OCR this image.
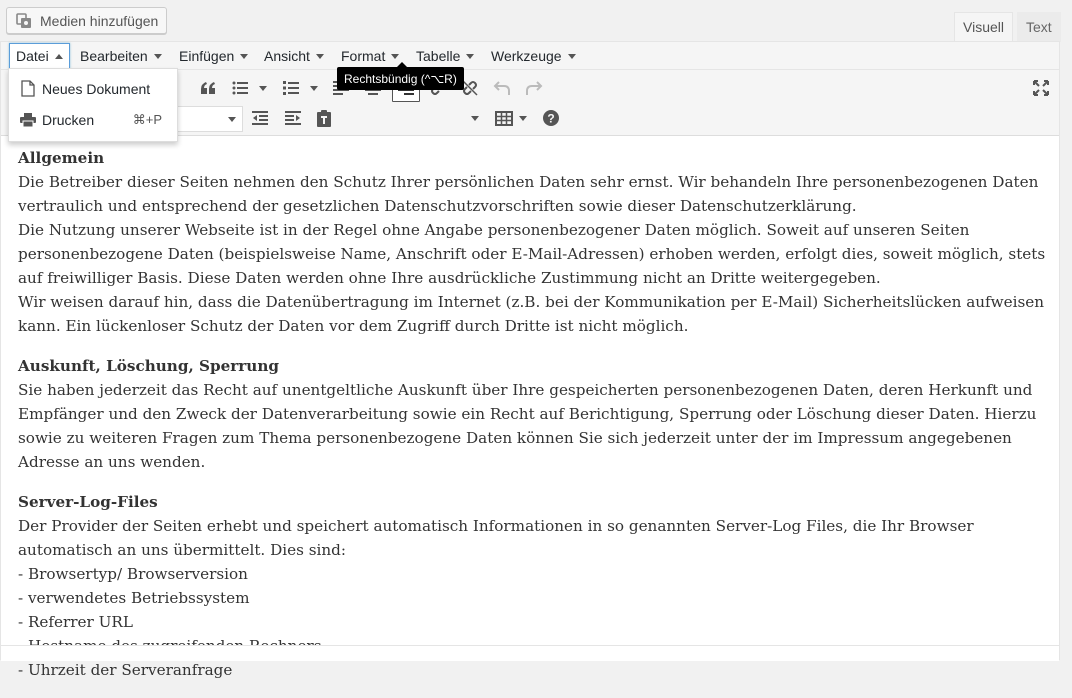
Medien hinzufügen	Visuell	Text
Datei Bearbeiten Einfügen Ansicht Format Tabelle Werkzeuge
?
Allgemein

Die Betreiber dieser Seiten nehmen den Schutz Ihrer persönlichen Daten sehr ernst. Wir behandeln Ihre personenbezogenen Daten vertraulich und entsprechend der gesetzlichen Datenschutzvorschriften sowie dieser Datenschutzerklärung.

Die Nutzung unserer Webseite ist in der Regel ohne Angabe personenbezogener Daten möglich. Soweit auf unseren Seiten personenbezogene Daten (beispielsweise Name, Anschrift oder E-Mail-Adressen) erhoben werden, erfolgt dies, soweit möglich, stets auf freiwilliger Basis. Diese Daten werden ohne Ihre ausdrückliche Zustimmung nicht an Dritte weitergegeben.

Wir weisen darauf hin, dass die Datenübertragung im Internet (z.B. bei der Kommunikation per E-Mail) Sicherheitslücken aufweisen kann. Ein lückenloser Schutz der Daten vor dem Zugriff durch Dritte ist nicht möglich.

Auskunft, Löschung, Sperrung

Sie haben jederzeit das Recht auf unentgeltliche Auskunft über Ihre gespeicherten personenbezogenen Daten, deren Herkunft und Empfänger und den Zweck der Datenverarbeitung sowie ein Recht auf Berichtigung, Sperrung oder Löschung dieser Daten. Hierzu sowie zu weiteren Fragen zum Thema personenbezogene Daten können Sie sich jederzeit unter der im Impressum angegebenen Adresse an uns wenden.

Server-Log-Files

Der Provider der Seiten erhebt und speichert automatisch Informationen in so genannten Server-Log Files, die Ihr Browser automatisch an uns übermittelt. Dies sind:

- Browsertyp/ Browserversion

- verwendetes Betriebssystem

- Referrer URL

- Uhrzeit der Serveranfrage

Rechtsbündig (^⌥R)
Neues Dokument
Drucken	⌘+P
